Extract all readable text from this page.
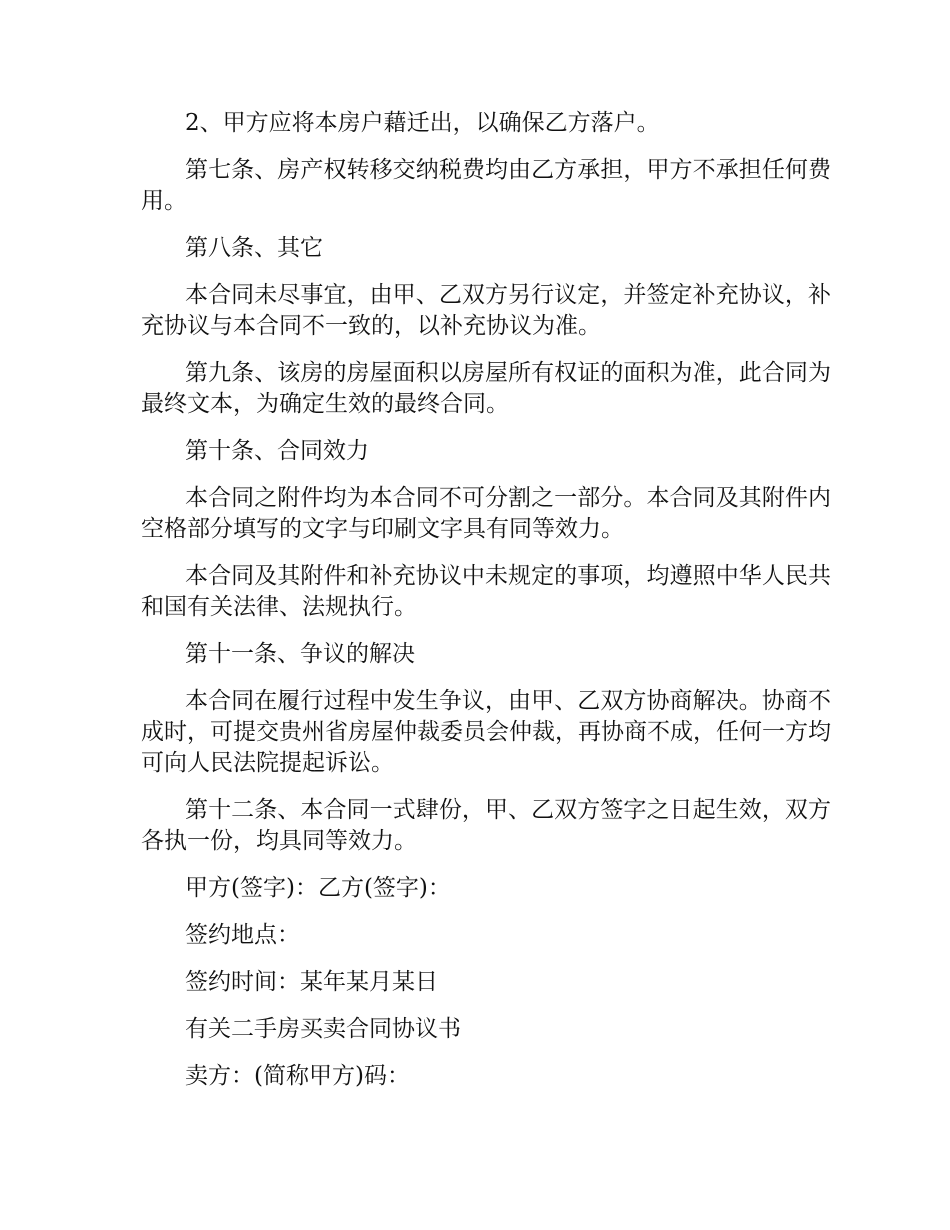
2、甲方应将本房户藉迁出，以确保乙方落户。

第七条、房产权转移交纳税费均由乙方承担，甲方不承担任何费用。

第八条、其它

本合同未尽事宜，由甲、乙双方另行议定，并签定补充协议，补充协议与本合同不一致的，以补充协议为准。

第九条、该房的房屋面积以房屋所有权证的面积为准，此合同为最终文本，为确定生效的最终合同。

第十条、合同效力

本合同之附件均为本合同不可分割之一部分。本合同及其附件内空格部分填写的文字与印刷文字具有同等效力。

本合同及其附件和补充协议中未规定的事项，均遵照中华人民共和国有关法律、法规执行。

第十一条、争议的解决

本合同在履行过程中发生争议，由甲、乙双方协商解决。协商不成时，可提交贵州省房屋仲裁委员会仲裁，再协商不成，任何一方均可向人民法院提起诉讼。

第十二条、本合同一式肆份，甲、乙双方签字之日起生效，双方各执一份，均具同等效力。

甲方(签字)：乙方(签字)：

签约地点：

签约时间：某年某月某日

有关二手房买卖合同协议书

卖方：(简称甲方)码：
